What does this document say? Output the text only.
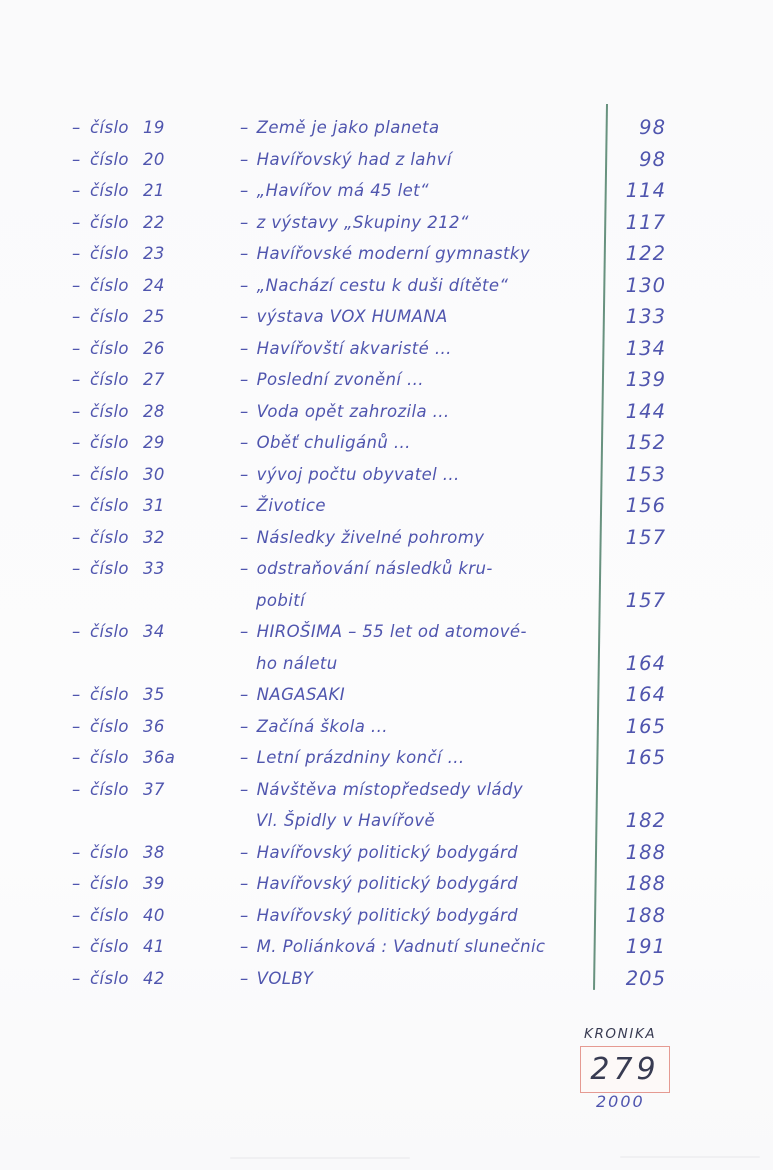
– číslo 19	– Země je jako planeta	98
– číslo 20	– Havířovský had z lahví	98
– číslo 21	– „Havířov má 45 let“	114
– číslo 22	– z výstavy „Skupiny 212“	117
– číslo 23	– Havířovské moderní gymnastky	122
– číslo 24	– „Nachází cestu k duši dítěte“	130
– číslo 25	– výstava VOX HUMANA	133
– číslo 26	– Havířovští akvaristé ...	134
– číslo 27	– Poslední zvonění ...	139
– číslo 28	– Voda opět zahrozila ...	144
– číslo 29	– Oběť chuligánů ...	152
– číslo 30	– vývoj počtu obyvatel ...	153
– číslo 31	– Životice	156
– číslo 32	– Následky živelné pohromy	157
– číslo 33	– odstraňování následků kru-
pobití	157
– číslo 34	– HIROŠIMA – 55 let od atomové-
ho náletu	164
– číslo 35	– NAGASAKI	164
– číslo 36	– Začíná škola ...	165
– číslo 36a	– Letní prázdniny končí ...	165
– číslo 37	– Návštěva místopředsedy vlády
Vl. Špidly v Havířově	182
– číslo 38	– Havířovský politický bodygárd	188
– číslo 39	– Havířovský politický bodygárd	188
– číslo 40	– Havířovský politický bodygárd	188
– číslo 41	– M. Poliánková : Vadnutí slunečnic	191
– číslo 42	– VOLBY	205
KRONIKA
279
2000
